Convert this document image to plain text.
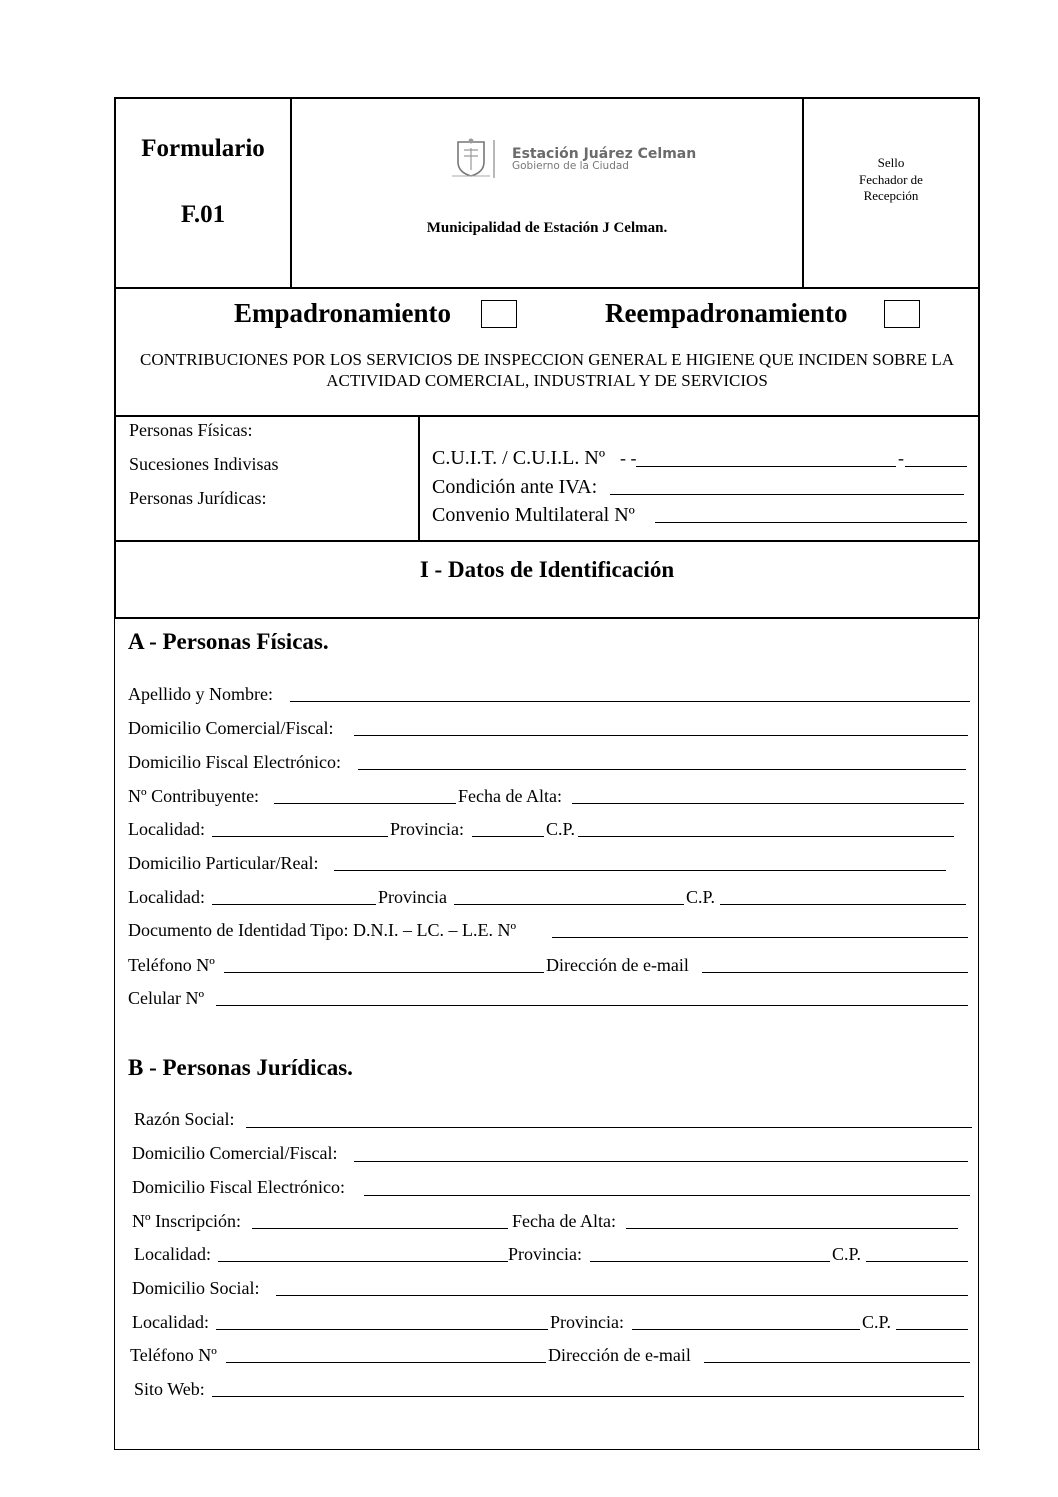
Formulario
F.01
Estación Juárez Celman
Gobierno de la Ciudad
Municipalidad de Estación J Celman.
Sello
Fechador de
Recepción
Empadronamiento	Reempadronamiento
CONTRIBUCIONES POR LOS SERVICIOS DE INSPECCION GENERAL E HIGIENE QUE INCIDEN SOBRE LA
ACTIVIDAD COMERCIAL, INDUSTRIAL Y DE SERVICIOS
Personas Físicas:
Sucesiones Indivisas
Personas Jurídicas:
C.U.I.T. / C.U.I.L. Nº - -	-
Condición ante IVA:
Convenio Multilateral Nº
I - Datos de Identificación
A - Personas Físicas.
Apellido y Nombre:
Domicilio Comercial/Fiscal:
Domicilio Fiscal Electrónico:
Nº Contribuyente:	Fecha de Alta:
Localidad:	Provincia:	C.P.
Domicilio Particular/Real:
Localidad:	Provincia	C.P.
Documento de Identidad Tipo: D.N.I. – LC. – L.E. Nº
Teléfono Nº	Dirección de e-mail
Celular Nº
B - Personas Jurídicas.
Razón Social:
Domicilio Comercial/Fiscal:
Domicilio Fiscal Electrónico:
Nº Inscripción:	Fecha de Alta:
Localidad:	Provincia:	C.P.
Domicilio Social:
Localidad:	Provincia:	C.P.
Teléfono Nº	Dirección de e-mail
Sito Web:
